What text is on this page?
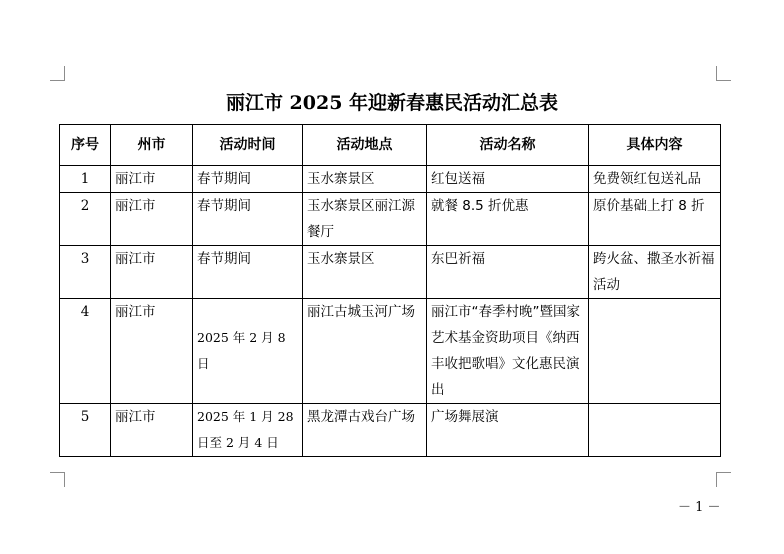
丽江市 2025 年迎新春惠民活动汇总表
序号	州市	活动时间	活动地点	活动名称	具体内容
1	丽江市	春节期间	玉水寨景区	红包送福	免费领红包送礼品
2	丽江市	春节期间	玉水寨景区丽江源餐厅	就餐 8.5 折优惠	原价基础上打 8 折
3	丽江市	春节期间	玉水寨景区	东巴祈福	跨火盆、撒圣水祈福活动
4	丽江市	2025 年 2 月 8 日	丽江古城玉河广场	丽江市“春季村晚”暨国家艺术基金资助项目《纳西丰收把歌唱》文化惠民演出	
5	丽江市	2025 年 1 月 28 日至 2 月 4 日	黑龙潭古戏台广场	广场舞展演	
－ 1 －
